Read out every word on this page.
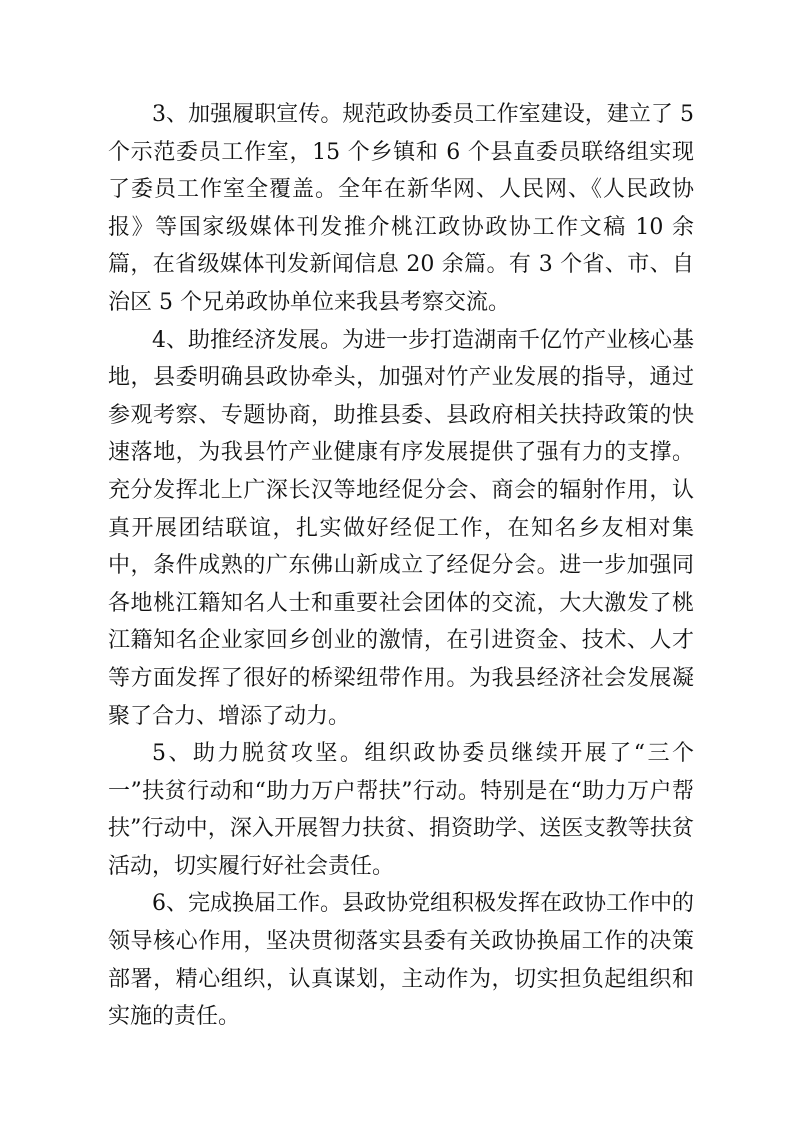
3、加强履职宣传。规范政协委员工作室建设，建立了 5 个示范委员工作室，15 个乡镇和 6 个县直委员联络组实现了委员工作室全覆盖。全年在新华网、人民网、《人民政协报》等国家级媒体刊发推介桃江政协政协工作文稿 10 余篇，在省级媒体刊发新闻信息 20 余篇。有 3 个省、市、自治区 5 个兄弟政协单位来我县考察交流。

4、助推经济发展。为进一步打造湖南千亿竹产业核心基地，县委明确县政协牵头，加强对竹产业发展的指导，通过参观考察、专题协商，助推县委、县政府相关扶持政策的快速落地，为我县竹产业健康有序发展提供了强有力的支撑。充分发挥北上广深长汉等地经促分会、商会的辐射作用，认真开展团结联谊，扎实做好经促工作，在知名乡友相对集中，条件成熟的广东佛山新成立了经促分会。进一步加强同各地桃江籍知名人士和重要社会团体的交流，大大激发了桃江籍知名企业家回乡创业的激情，在引进资金、技术、人才等方面发挥了很好的桥梁纽带作用。为我县经济社会发展凝聚了合力、增添了动力。

5、助力脱贫攻坚。组织政协委员继续开展了“三个一”扶贫行动和“助力万户帮扶”行动。特别是在“助力万户帮扶”行动中，深入开展智力扶贫、捐资助学、送医支教等扶贫活动，切实履行好社会责任。

6、完成换届工作。县政协党组积极发挥在政协工作中的领导核心作用，坚决贯彻落实县委有关政协换届工作的决策部署，精心组织，认真谋划，主动作为，切实担负起组织和实施的责任。
